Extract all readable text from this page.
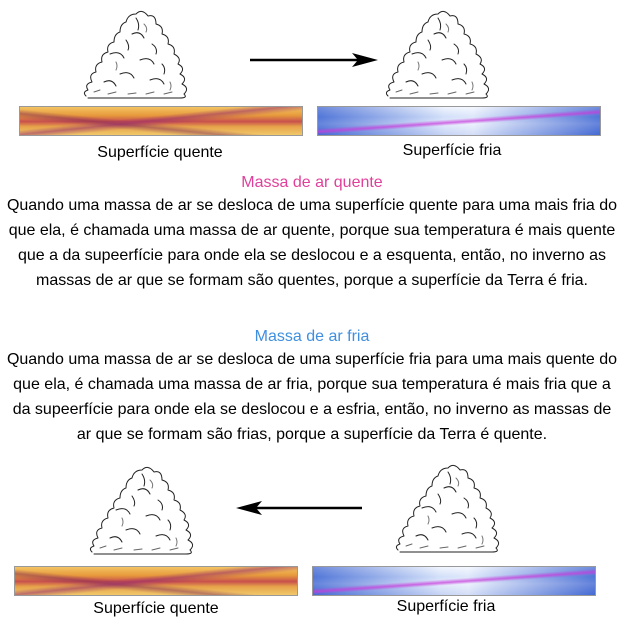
Superfície quente	Superfície fria
Massa de ar quente
Quando uma massa de ar se desloca de uma superfície quente para uma mais fria do que ela, é chamada uma massa de ar quente, porque sua temperatura é mais quente que a da supeerfície para onde ela se deslocou e a esquenta, então, no inverno as massas de ar que se formam são quentes, porque a superfície da Terra é fria.
Massa de ar fria
Quando uma massa de ar se desloca de uma superfície fria para uma mais quente do que ela, é chamada uma massa de ar fria, porque sua temperatura é mais fria que a da supeerfície para onde ela se deslocou e a esfria, então, no inverno as massas de ar que se formam são frias, porque a superfície da Terra é quente.
Superfície quente	Superfície fria
